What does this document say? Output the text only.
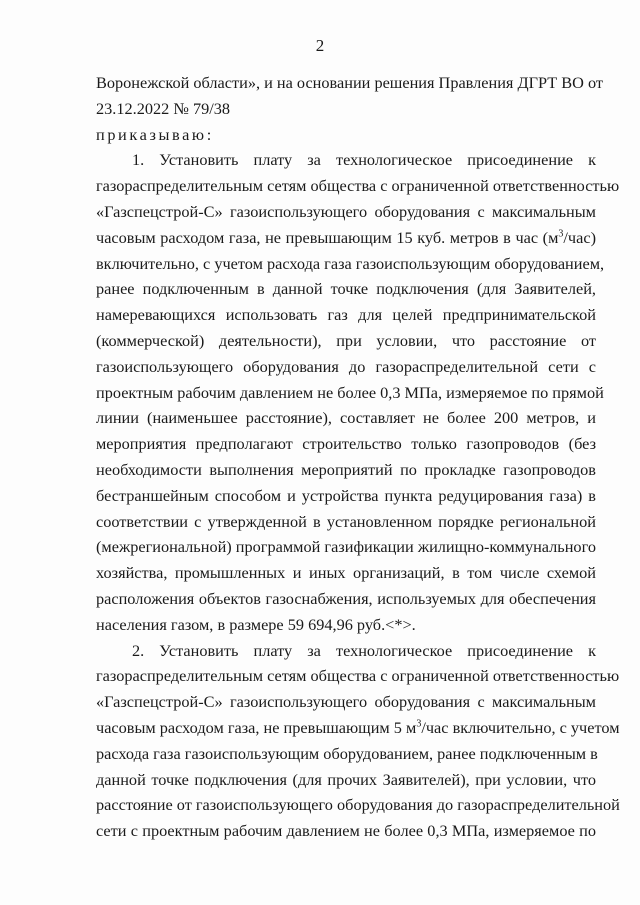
2
Воронежской области», и на основании решения Правления ДГРТ ВО от
23.12.2022 № 79/38
приказываю:
1. Установить плату за технологическое присоединение к
газораспределительным сетям общества с ограниченной ответственностью
«Газспецстрой-С» газоиспользующего оборудования с максимальным
часовым расходом газа, не превышающим 15 куб. метров в час $(м^3/час)$
включительно, с учетом расхода газа газоиспользующим оборудованием,
ранее подключенным в данной точке подключения (для Заявителей,
намеревающихся использовать газ для целей предпринимательской
(коммерческой) деятельности), при условии, что расстояние от
газоиспользующего оборудования до газораспределительной сети с
проектным рабочим давлением не более 0,3 МПа, измеряемое по прямой
линии (наименьшее расстояние), составляет не более 200 метров, и
мероприятия предполагают строительство только газопроводов (без
необходимости выполнения мероприятий по прокладке газопроводов
бестраншейным способом и устройства пункта редуцирования газа) в
соответствии с утвержденной в установленном порядке региональной
(межрегиональной) программой газификации жилищно-коммунального
хозяйства, промышленных и иных организаций, в том числе схемой
расположения объектов газоснабжения, используемых для обеспечения
населения газом, в размере 59 694,96 руб.<*>.
2. Установить плату за технологическое присоединение к
газораспределительным сетям общества с ограниченной ответственностью
«Газспецстрой-С» газоиспользующего оборудования с максимальным
часовым расходом газа, не превышающим 5 $м^3$/час включительно, с учетом
расхода газа газоиспользующим оборудованием, ранее подключенным в
данной точке подключения (для прочих Заявителей), при условии, что
расстояние от газоиспользующего оборудования до газораспределительной
сети с проектным рабочим давлением не более 0,3 МПа, измеряемое по
